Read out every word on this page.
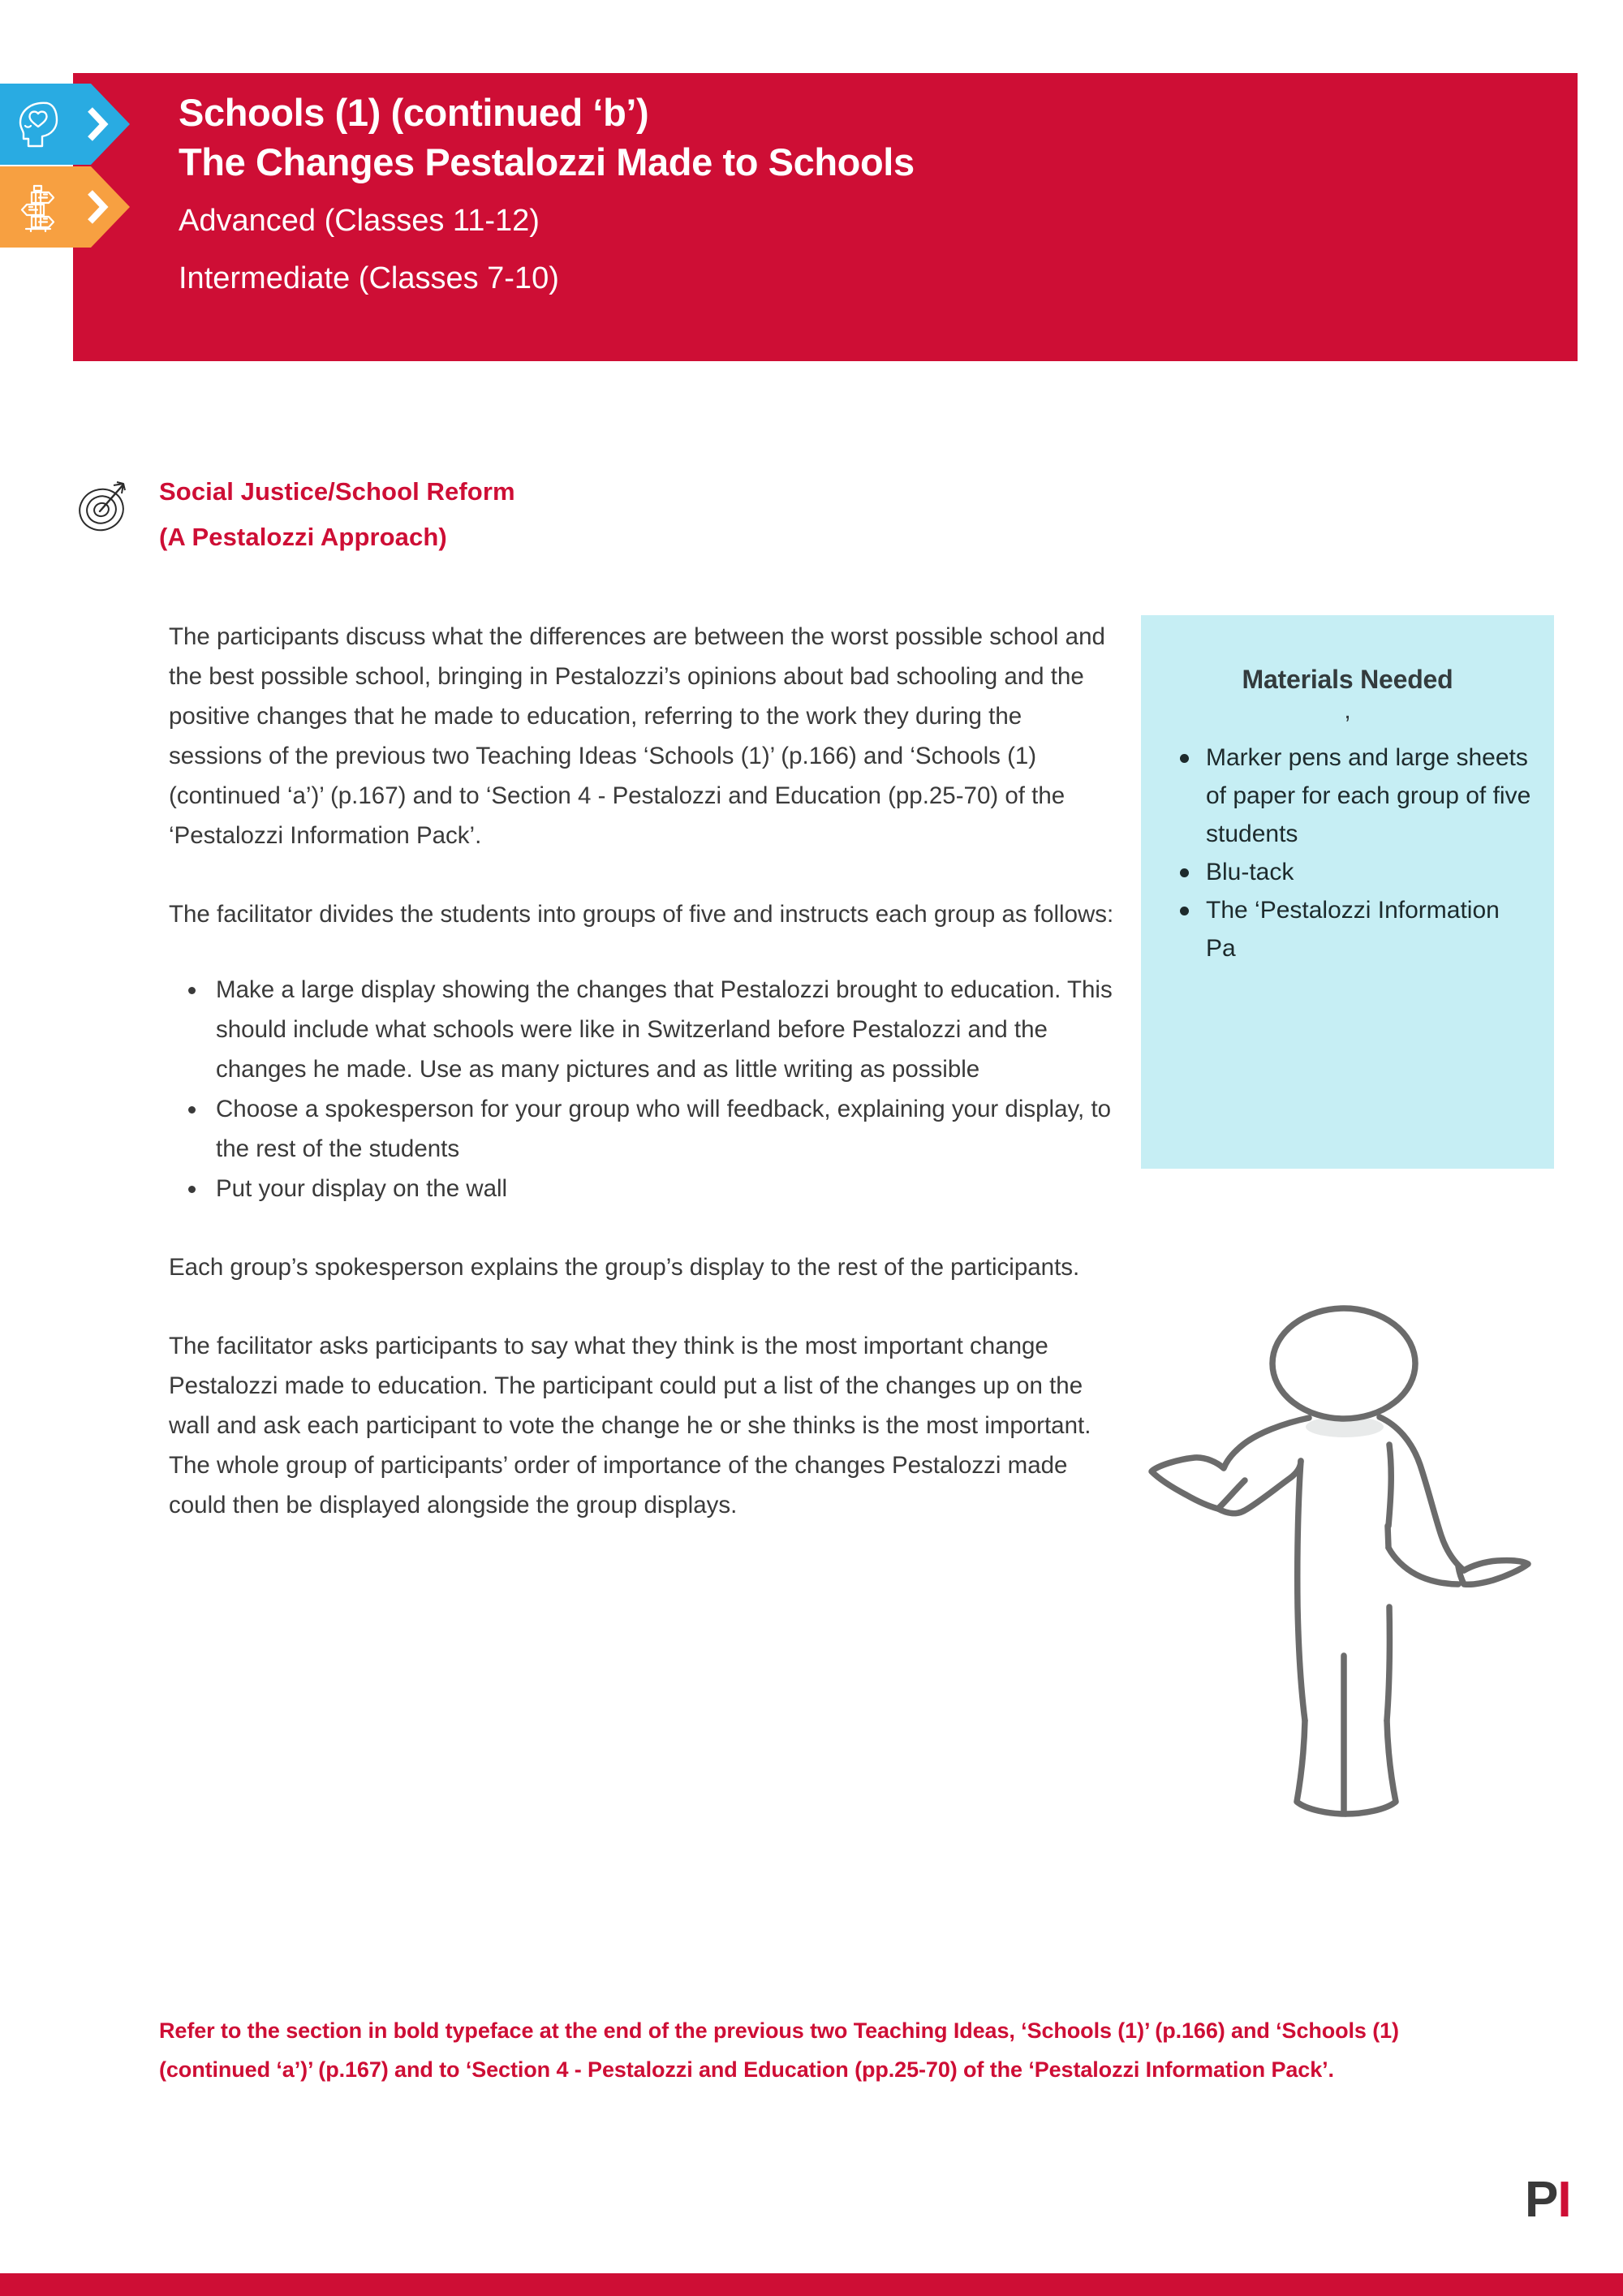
Schools (1) (continued ‘b’)
The Changes Pestalozzi Made to Schools
Advanced (Classes 11-12)
Intermediate (Classes 7-10)
Social Justice/School Reform
(A Pestalozzi Approach)

The participants discuss what the differences are between the worst possible school and the best possible school, bringing in Pestalozzi’s opinions about bad schooling and the positive changes that he made to education, referring to the work they during the sessions of the previous two Teaching Ideas ‘Schools (1)’ (p.166) and ‘Schools (1) (continued ‘a’)’ (p.167) and to ‘Section 4 - Pestalozzi and Education (pp.25-70) of the ‘Pestalozzi Information Pack’.

The facilitator divides the students into groups of five and instructs each group as follows:

Make a large display showing the changes that Pestalozzi brought to education. This should include what schools were like in Switzerland before Pestalozzi and the changes he made. Use as many pictures and as little writing as possible
Choose a spokesperson for your group who will feedback, explaining your display, to the rest of the students
Put your display on the wall

Each group’s spokesperson explains the group’s display to the rest of the participants.

The facilitator asks participants to say what they think is the most important change Pestalozzi made to education. The participant could put a list of the changes up on the wall and ask each participant to vote the change he or she thinks is the most important. The whole group of participants’ order of importance of the changes Pestalozzi made could then be displayed alongside the group displays.

Materials Needed
,
Marker pens and large sheets of paper for each group of five students
Blu-tack
The ‘Pestalozzi Information Pa
Refer to the section in bold typeface at the end of the previous two Teaching Ideas, ‘Schools (1)’ (p.166) and ‘Schools (1) (continued ‘a’)’ (p.167) and to ‘Section 4 - Pestalozzi and Education (pp.25-70) of the ‘Pestalozzi Information Pack’.
PI
